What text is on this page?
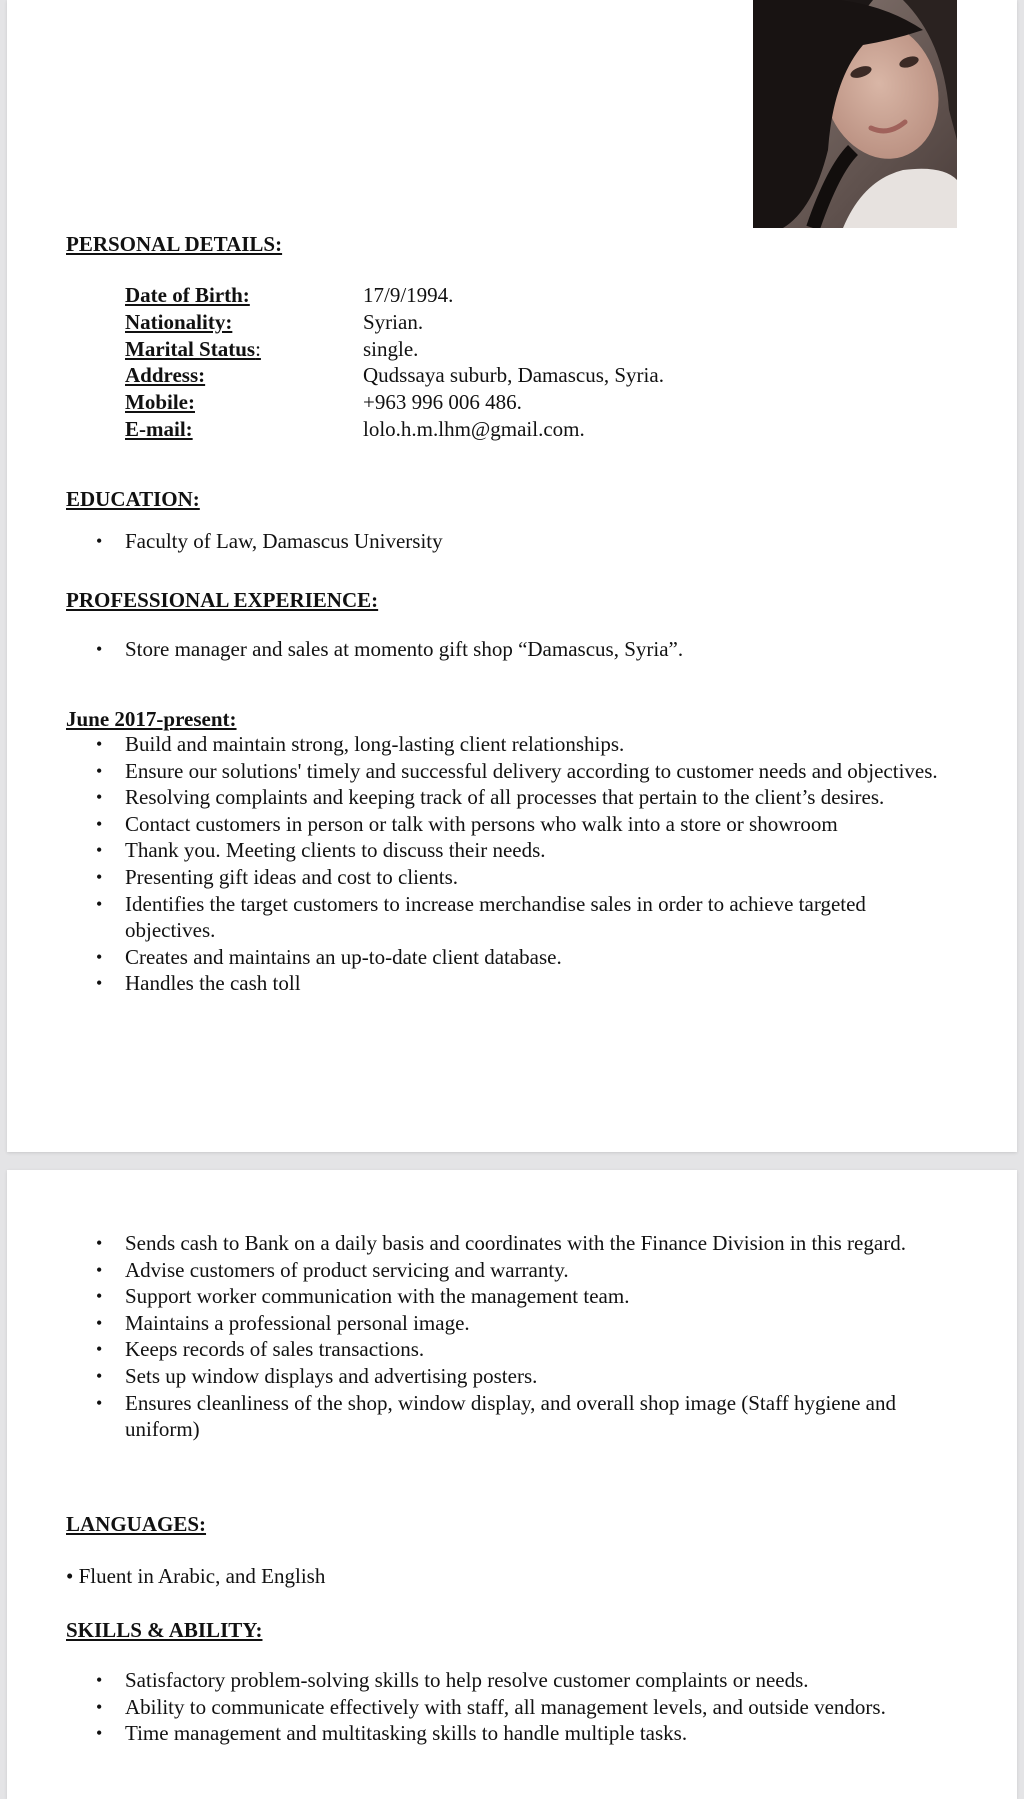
PERSONAL DETAILS:
Date of Birth:	17/9/1994.
Nationality:	Syrian.
Marital Status:	single.
Address:	Qudssaya suburb, Damascus, Syria.
Mobile:	+963 996 006 486.
E-mail:	lolo.h.m.lhm@gmail.com.
EDUCATION:
• Faculty of Law, Damascus University
PROFESSIONAL EXPERIENCE:
• Store manager and sales at momento gift shop “Damascus, Syria”.
June 2017-present:
• Build and maintain strong, long-lasting client relationships.
• Ensure our solutions' timely and successful delivery according to customer needs and objectives.
• Resolving complaints and keeping track of all processes that pertain to the client’s desires.
• Contact customers in person or talk with persons who walk into a store or showroom
• Thank you. Meeting clients to discuss their needs.
• Presenting gift ideas and cost to clients.
• Identifies the target customers to increase merchandise sales in order to achieve targeted objectives.
• Creates and maintains an up-to-date client database.
• Handles the cash toll
• Sends cash to Bank on a daily basis and coordinates with the Finance Division in this regard.
• Advise customers of product servicing and warranty.
• Support worker communication with the management team.
• Maintains a professional personal image.
• Keeps records of sales transactions.
• Sets up window displays and advertising posters.
• Ensures cleanliness of the shop, window display, and overall shop image (Staff hygiene and uniform)
LANGUAGES:
• Fluent in Arabic, and English
SKILLS & ABILITY:
• Satisfactory problem-solving skills to help resolve customer complaints or needs.
• Ability to communicate effectively with staff, all management levels, and outside vendors.
• Time management and multitasking skills to handle multiple tasks.
